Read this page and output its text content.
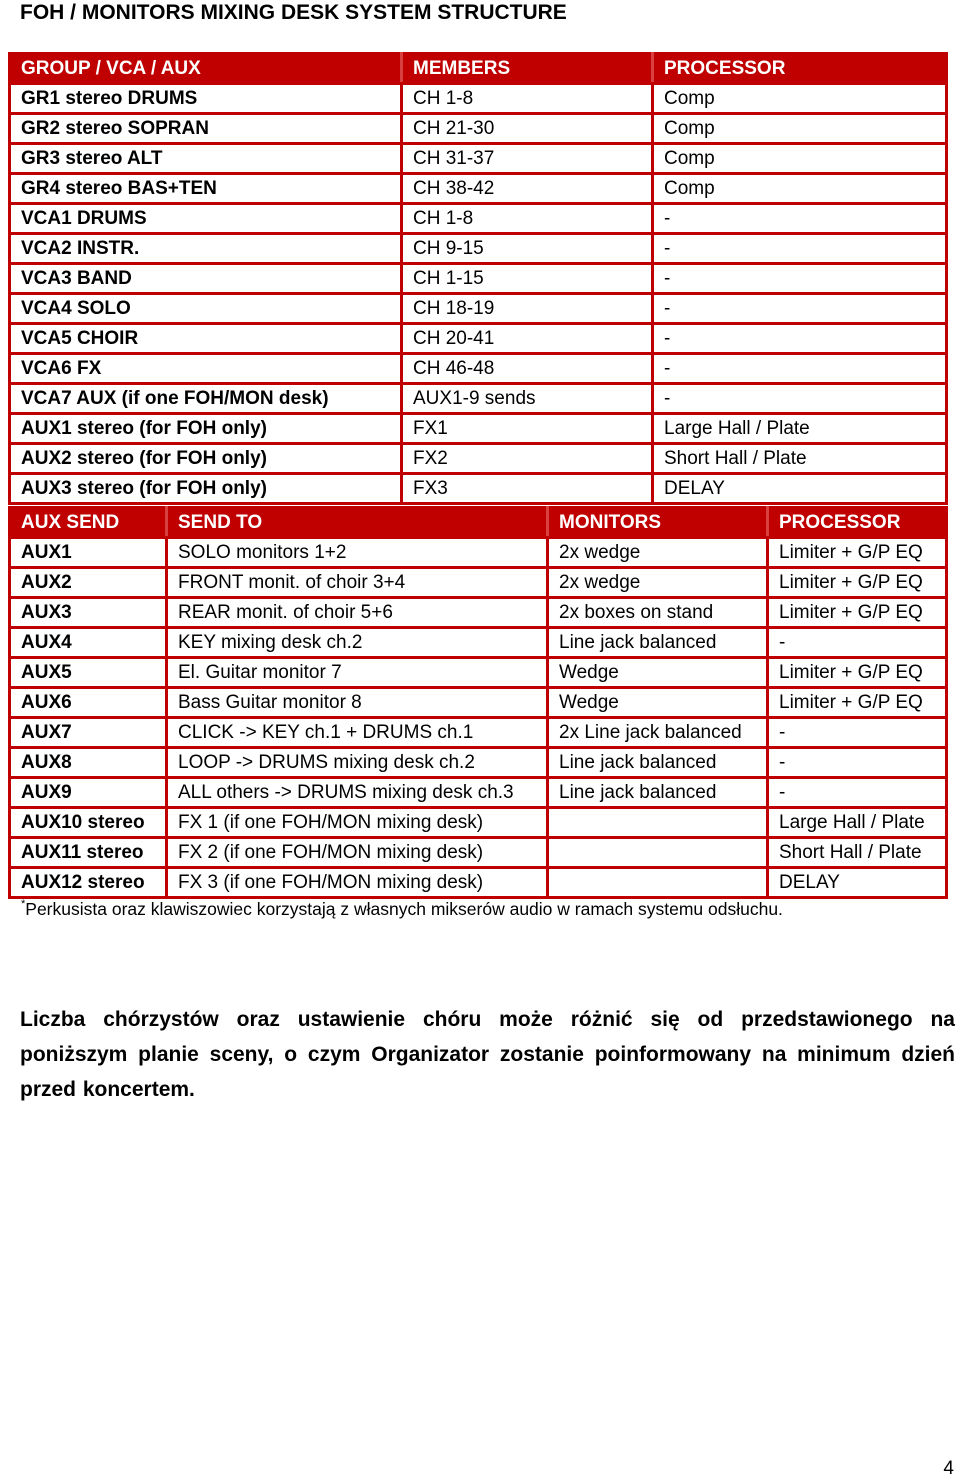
FOH / MONITORS MIXING DESK SYSTEM STRUCTURE
GROUP / VCA / AUX	MEMBERS	PROCESSOR
GR1 stereo DRUMS	CH 1-8	Comp
GR2 stereo SOPRAN	CH 21-30	Comp
GR3 stereo ALT	CH 31-37	Comp
GR4 stereo BAS+TEN	CH 38-42	Comp
VCA1 DRUMS	CH 1-8	-
VCA2 INSTR.	CH 9-15	-
VCA3 BAND	CH 1-15	-
VCA4 SOLO	CH 18-19	-
VCA5 CHOIR	CH 20-41	-
VCA6 FX	CH 46-48	-
VCA7 AUX (if one FOH/MON desk)	AUX1-9 sends	-
AUX1 stereo (for FOH only)	FX1	Large Hall / Plate
AUX2 stereo (for FOH only)	FX2	Short Hall / Plate
AUX3 stereo (for FOH only)	FX3	DELAY
AUX SEND	SEND TO	MONITORS	PROCESSOR
AUX1	SOLO monitors 1+2	2x wedge	Limiter + G/P EQ
AUX2	FRONT monit. of choir 3+4	2x wedge	Limiter + G/P EQ
AUX3	REAR monit. of choir 5+6	2x boxes on stand	Limiter + G/P EQ
AUX4	KEY mixing desk ch.2	Line jack balanced	-
AUX5	El. Guitar monitor 7	Wedge	Limiter + G/P EQ
AUX6	Bass Guitar monitor 8	Wedge	Limiter + G/P EQ
AUX7	CLICK -> KEY ch.1 + DRUMS ch.1	2x Line jack balanced	-
AUX8	LOOP -> DRUMS mixing desk ch.2	Line jack balanced	-
AUX9	ALL others -> DRUMS mixing desk ch.3	Line jack balanced	-
AUX10 stereo	FX 1 (if one FOH/MON mixing desk)		Large Hall / Plate
AUX11 stereo	FX 2 (if one FOH/MON mixing desk)		Short Hall / Plate
AUX12 stereo	FX 3 (if one FOH/MON mixing desk)		DELAY
*Perkusista oraz klawiszowiec korzystają z własnych mikserów audio w ramach systemu odsłuchu.
Liczba chórzystów oraz ustawienie chóru może różnić się od przedstawionego na poniższym planie sceny, o czym Organizator zostanie poinformowany na minimum dzień przed koncertem.
4
